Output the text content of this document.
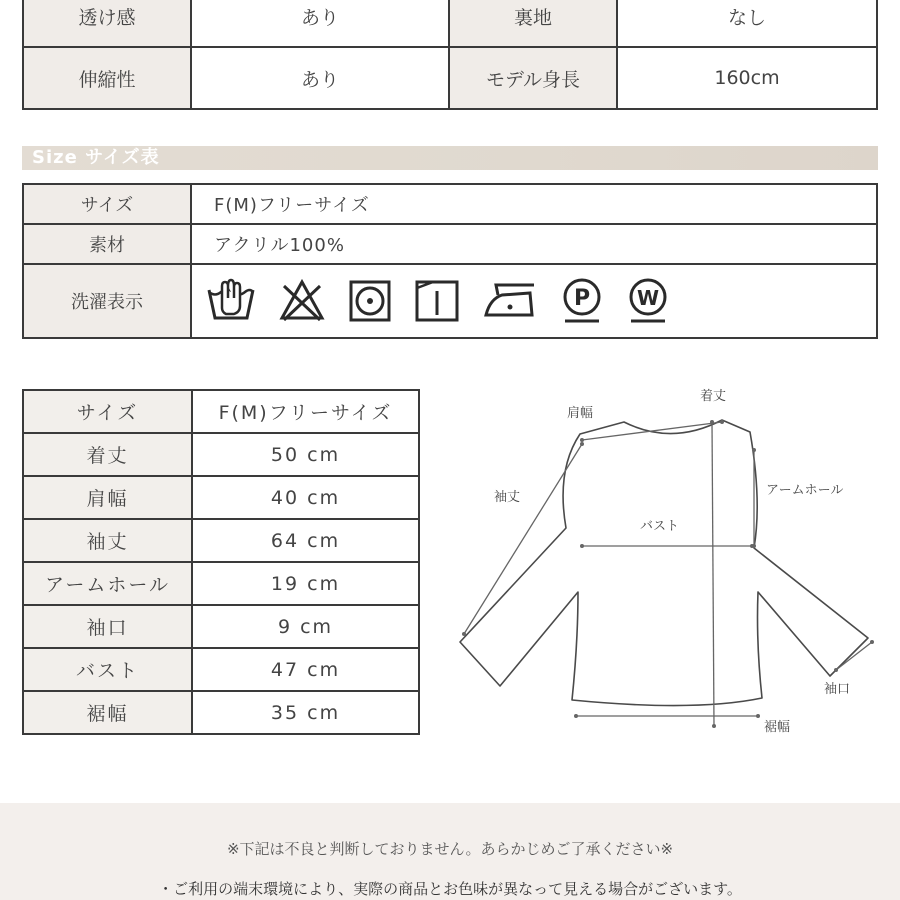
透け感	あり	裏地	なし
伸縮性	あり	モデル身長	160cm
Size サイズ表
サイズ	F(M)フリーサイズ
素材	アクリル100%
洗濯表示	P W
サイズ	F(M)フリーサイズ
着丈	50 cm
肩幅	40 cm
袖丈	64 cm
アームホール	19 cm
袖口	9 cm
バスト	47 cm
裾幅	35 cm
着丈
肩幅
袖丈	アームホール
バスト
袖口
裾幅
※下記は不良と判断しておりません。あらかじめご了承ください※
・ご利用の端末環境により、実際の商品とお色味が異なって見える場合がございます。
